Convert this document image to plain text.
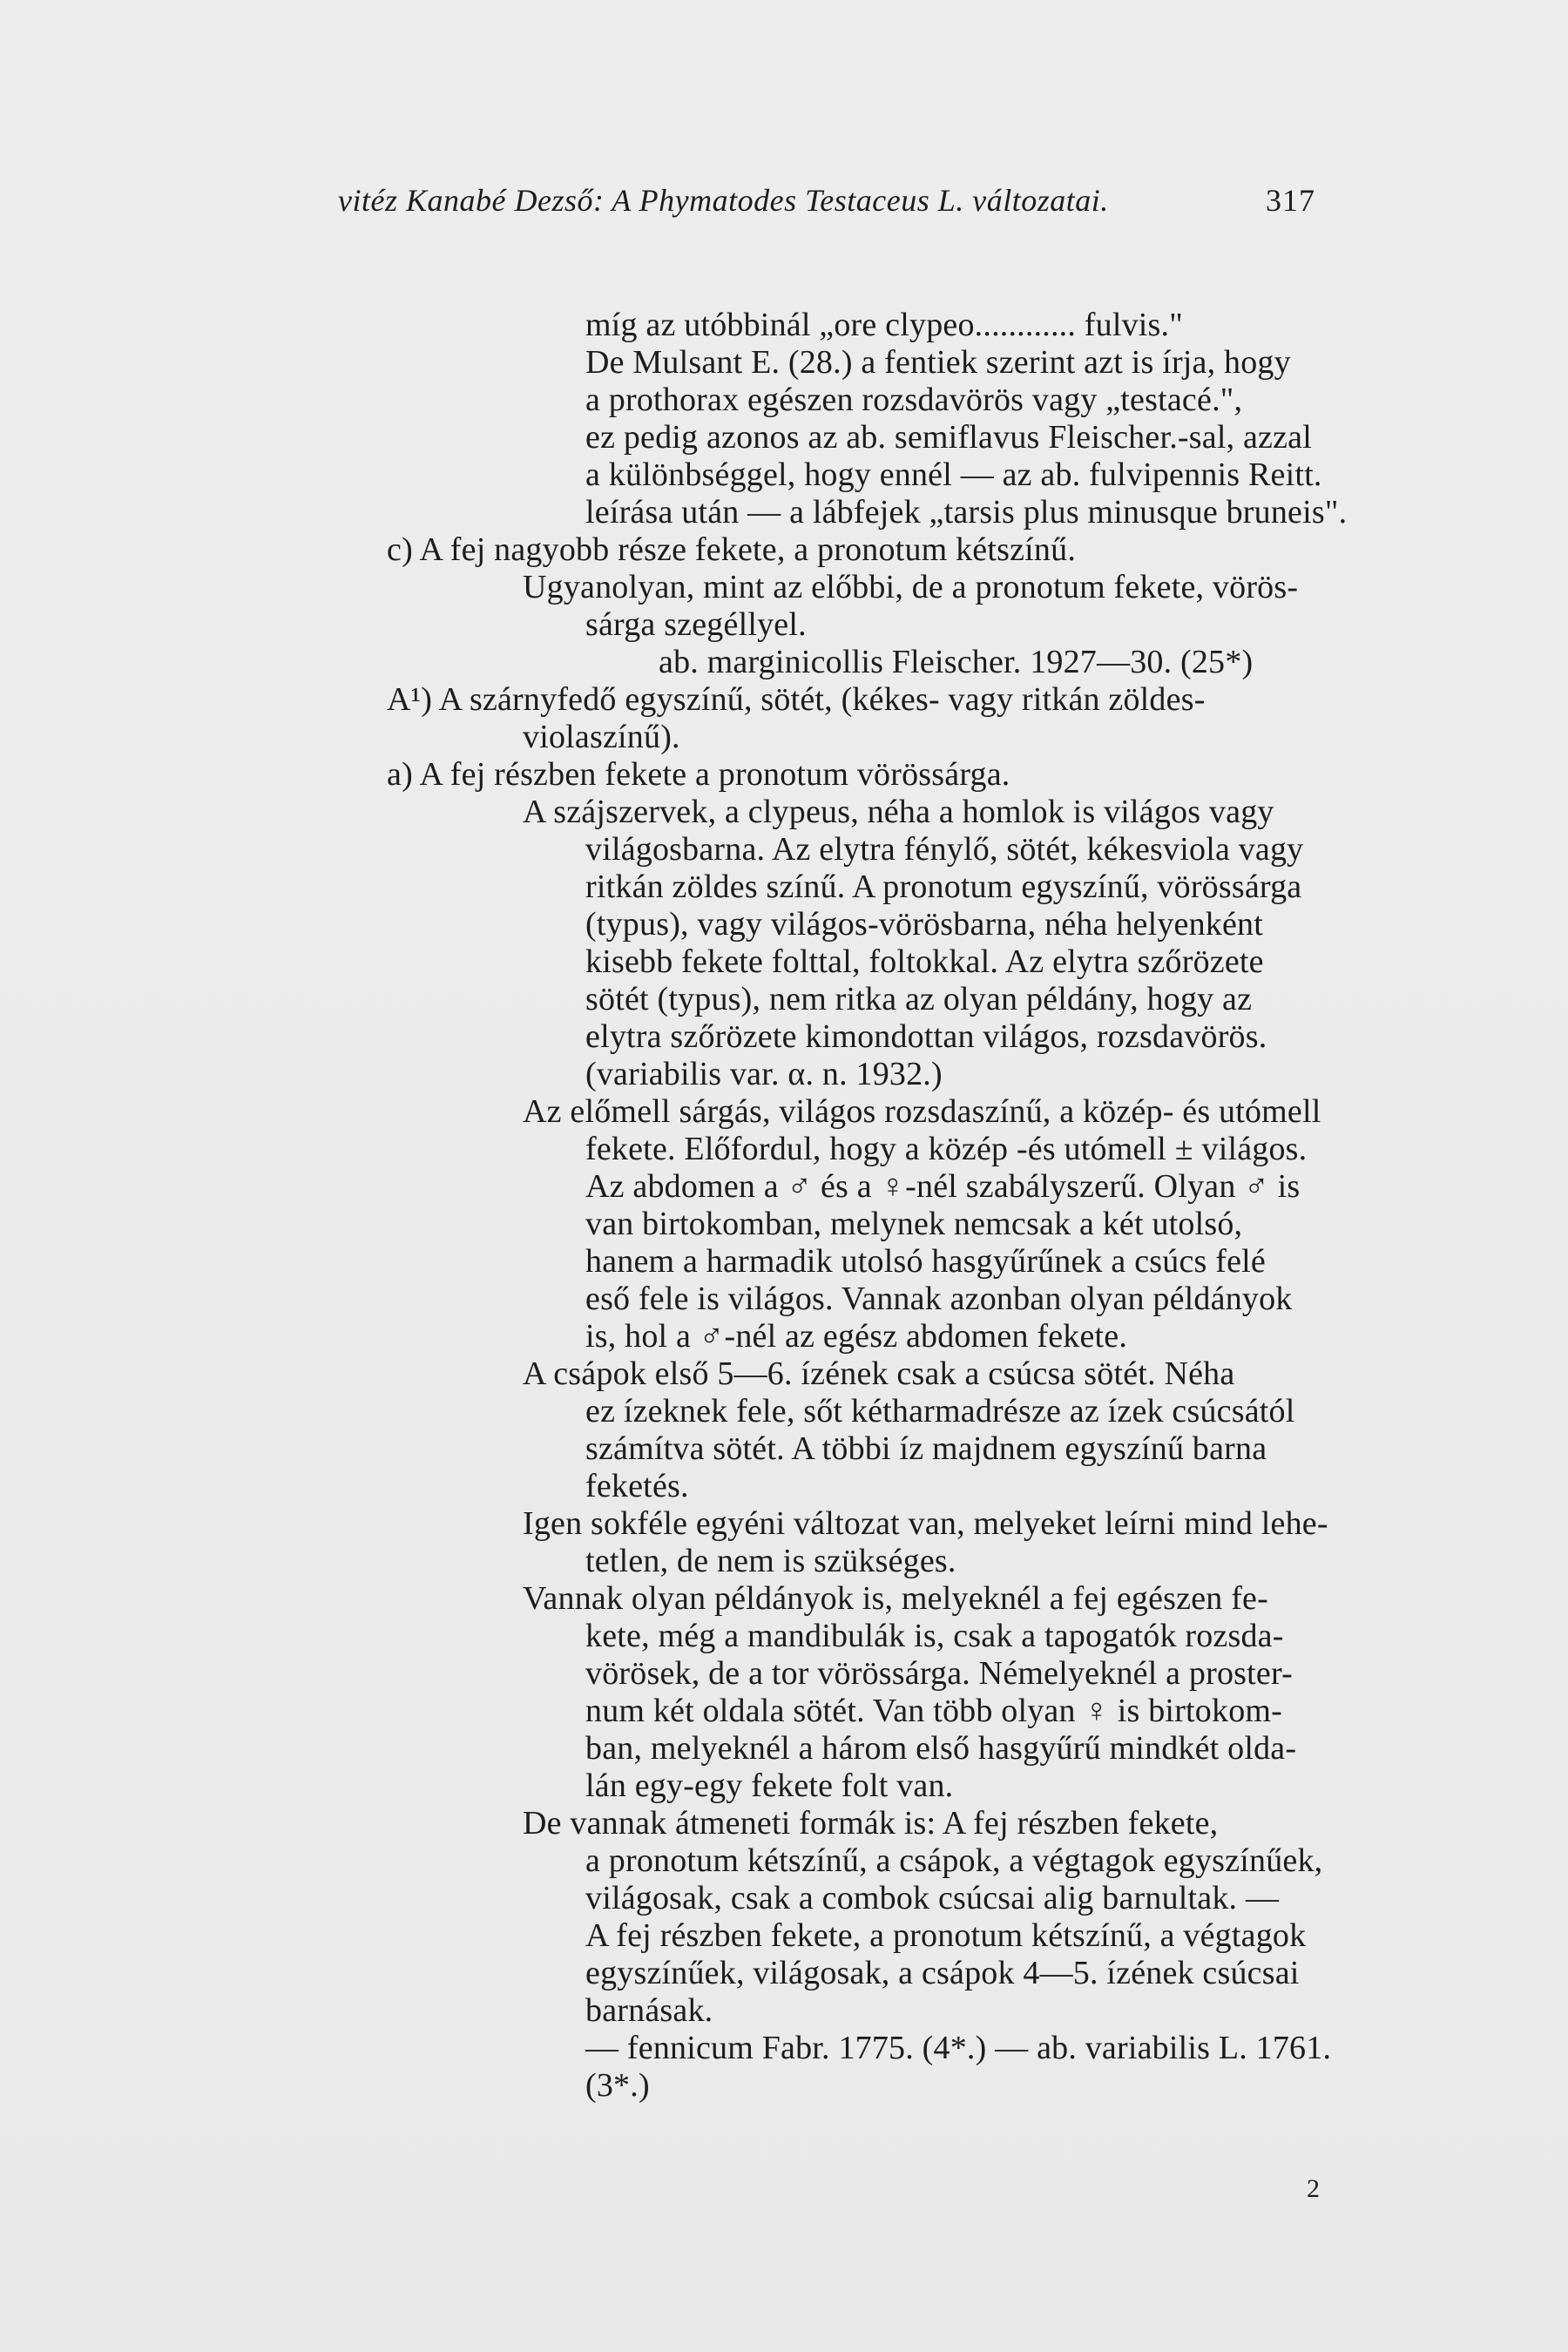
vitéz Kanabé Dezső: A Phymatodes Testaceus L. változatai.	317
míg az utóbbinál „ore clypeo............ fulvis."
De Mulsant E. (28.) a fentiek szerint azt is írja, hogy
a prothorax egészen rozsdavörös vagy „testacé.",
ez pedig azonos az ab. semiflavus Fleischer.-sal, azzal
a különbséggel, hogy ennél — az ab. fulvipennis Reitt.
leírása után — a lábfejek „tarsis plus minusque bruneis".
c) A fej nagyobb része fekete, a pronotum kétszínű.
Ugyanolyan, mint az előbbi, de a pronotum fekete, vörös-
sárga szegéllyel.
ab. marginicollis Fleischer. 1927—30. (25*)
A¹) A szárnyfedő egyszínű, sötét, (kékes- vagy ritkán zöldes-
violaszínű).
a) A fej részben fekete a pronotum vörössárga.
A szájszervek, a clypeus, néha a homlok is világos vagy
világosbarna. Az elytra fénylő, sötét, kékesviola vagy
ritkán zöldes színű. A pronotum egyszínű, vörössárga
(typus), vagy világos-vörösbarna, néha helyenként
kisebb fekete folttal, foltokkal. Az elytra szőrözete
sötét (typus), nem ritka az olyan példány, hogy az
elytra szőrözete kimondottan világos, rozsdavörös.
(variabilis var. α. n. 1932.)
Az előmell sárgás, világos rozsdaszínű, a közép- és utómell
fekete. Előfordul, hogy a közép -és utómell ± világos.
Az abdomen a ♂ és a ♀-nél szabályszerű. Olyan ♂ is
van birtokomban, melynek nemcsak a két utolsó,
hanem a harmadik utolsó hasgyűrűnek a csúcs felé
eső fele is világos. Vannak azonban olyan példányok
is, hol a ♂-nél az egész abdomen fekete.
A csápok első 5—6. ízének csak a csúcsa sötét. Néha
ez ízeknek fele, sőt kétharmadrésze az ízek csúcsától
számítva sötét. A többi íz majdnem egyszínű barna
feketés.
Igen sokféle egyéni változat van, melyeket leírni mind lehe-
tetlen, de nem is szükséges.
Vannak olyan példányok is, melyeknél a fej egészen fe-
kete, még a mandibulák is, csak a tapogatók rozsda-
vörösek, de a tor vörössárga. Némelyeknél a proster-
num két oldala sötét. Van több olyan ♀ is birtokom-
ban, melyeknél a három első hasgyűrű mindkét olda-
lán egy-egy fekete folt van.
De vannak átmeneti formák is: A fej részben fekete,
a pronotum kétszínű, a csápok, a végtagok egyszínűek,
világosak, csak a combok csúcsai alig barnultak. —
A fej részben fekete, a pronotum kétszínű, a végtagok
egyszínűek, világosak, a csápok 4—5. ízének csúcsai
barnásak.
— fennicum Fabr. 1775. (4*.) — ab. variabilis L. 1761.
(3*.)
2
